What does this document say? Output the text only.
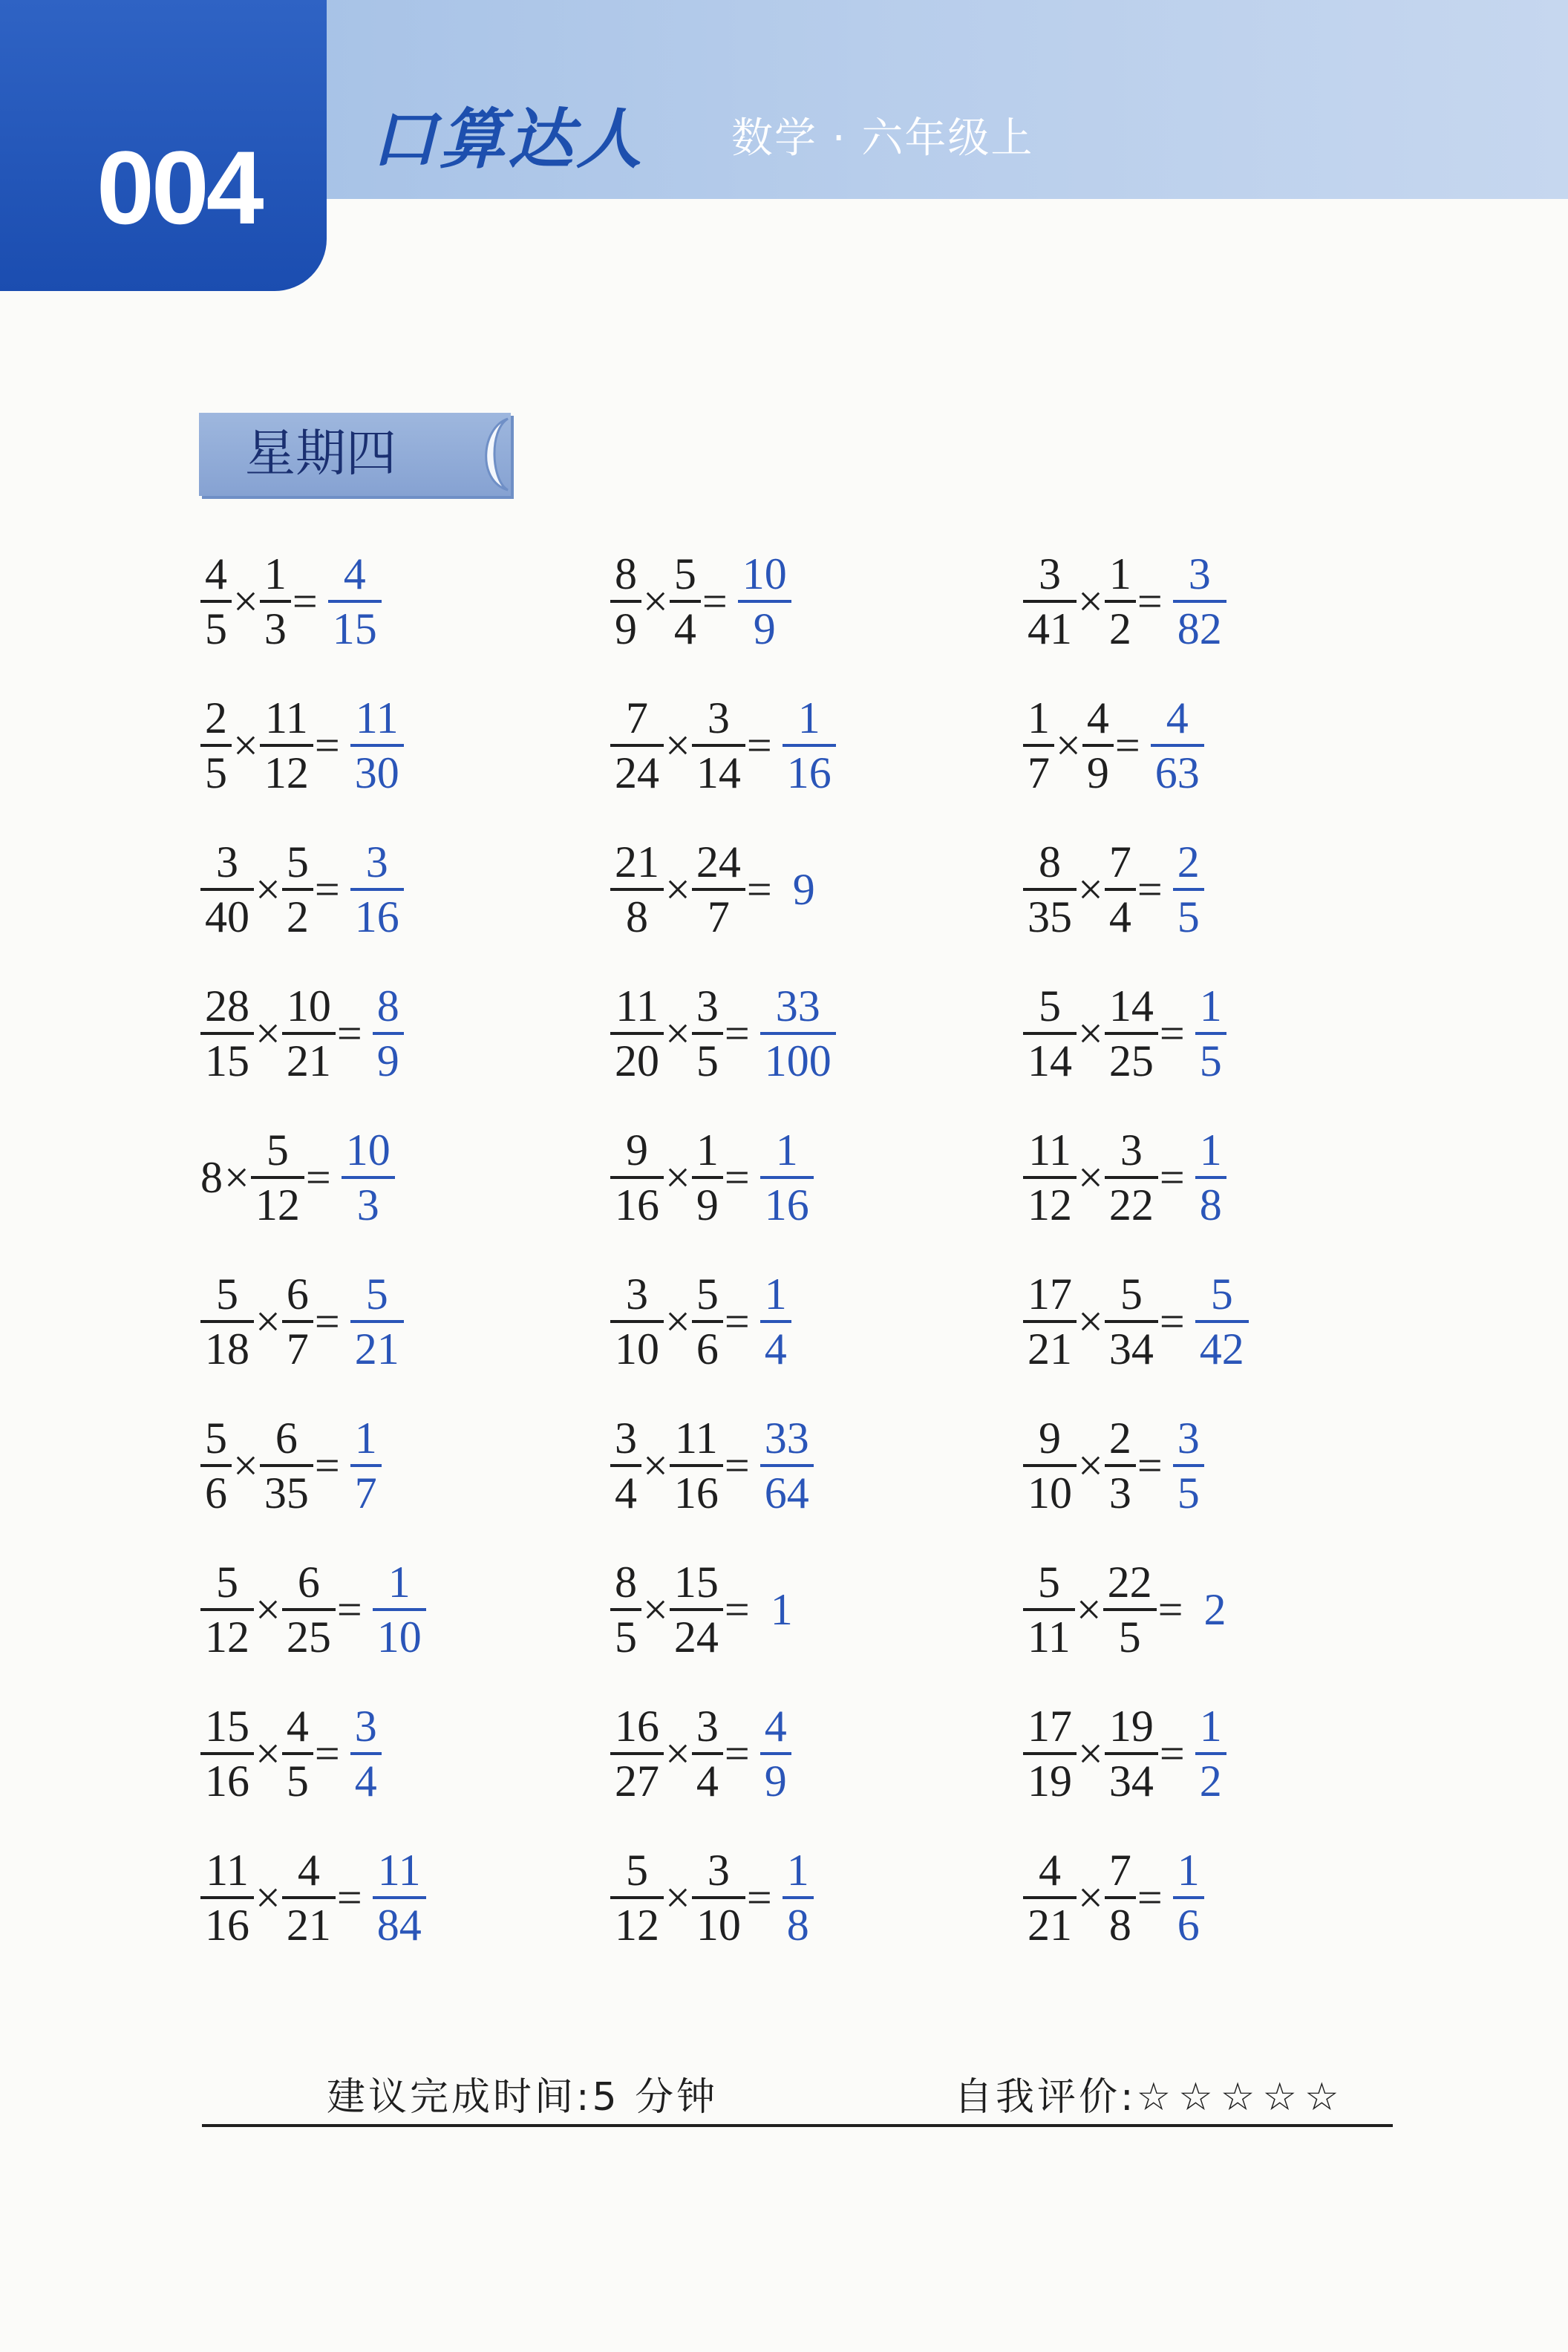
004	口算达人 数学 · 六年级上
星期四
$\frac{4}{5} \times \frac{1}{3} = \frac{4}{15}$
$\frac{2}{5} \times \frac{11}{12} = \frac{11}{30}$
$\frac{3}{40} \times \frac{5}{2} = \frac{3}{16}$
$\frac{28}{15} \times \frac{10}{21} = \frac{8}{9}$
$8 \times \frac{5}{12} = \frac{10}{3}$
$\frac{5}{18} \times \frac{6}{7} = \frac{5}{21}$
$\frac{5}{6} \times \frac{6}{35} = \frac{1}{7}$
$\frac{5}{12} \times \frac{6}{25} = \frac{1}{10}$
$\frac{15}{16} \times \frac{4}{5} = \frac{3}{4}$
$\frac{11}{16} \times \frac{4}{21} = \frac{11}{84}$
$\frac{8}{9} \times \frac{5}{4} = \frac{10}{9}$
$\frac{7}{24} \times \frac{3}{14} = \frac{1}{16}$
$\frac{21}{8} \times \frac{24}{7} = 9$
$\frac{11}{20} \times \frac{3}{5} = \frac{33}{100}$
$\frac{9}{16} \times \frac{1}{9} = \frac{1}{16}$
$\frac{3}{10} \times \frac{5}{6} = \frac{1}{4}$
$\frac{3}{4} \times \frac{11}{16} = \frac{33}{64}$
$\frac{8}{5} \times \frac{15}{24} = 1$
$\frac{16}{27} \times \frac{3}{4} = \frac{4}{9}$
$\frac{5}{12} \times \frac{3}{10} = \frac{1}{8}$
$\frac{3}{41} \times \frac{1}{2} = \frac{3}{82}$
$\frac{1}{7} \times \frac{4}{9} = \frac{4}{63}$
$\frac{8}{35} \times \frac{7}{4} = \frac{2}{5}$
$\frac{5}{14} \times \frac{14}{25} = \frac{1}{5}$
$\frac{11}{12} \times \frac{3}{22} = \frac{1}{8}$
$\frac{17}{21} \times \frac{5}{34} = \frac{5}{42}$
$\frac{9}{10} \times \frac{2}{3} = \frac{3}{5}$
$\frac{5}{11} \times \frac{22}{5} = 2$
$\frac{17}{19} \times \frac{19}{34} = \frac{1}{2}$
$\frac{4}{21} \times \frac{7}{8} = \frac{1}{6}$
建议完成时间:5 分钟	自我评价:☆☆☆☆☆
